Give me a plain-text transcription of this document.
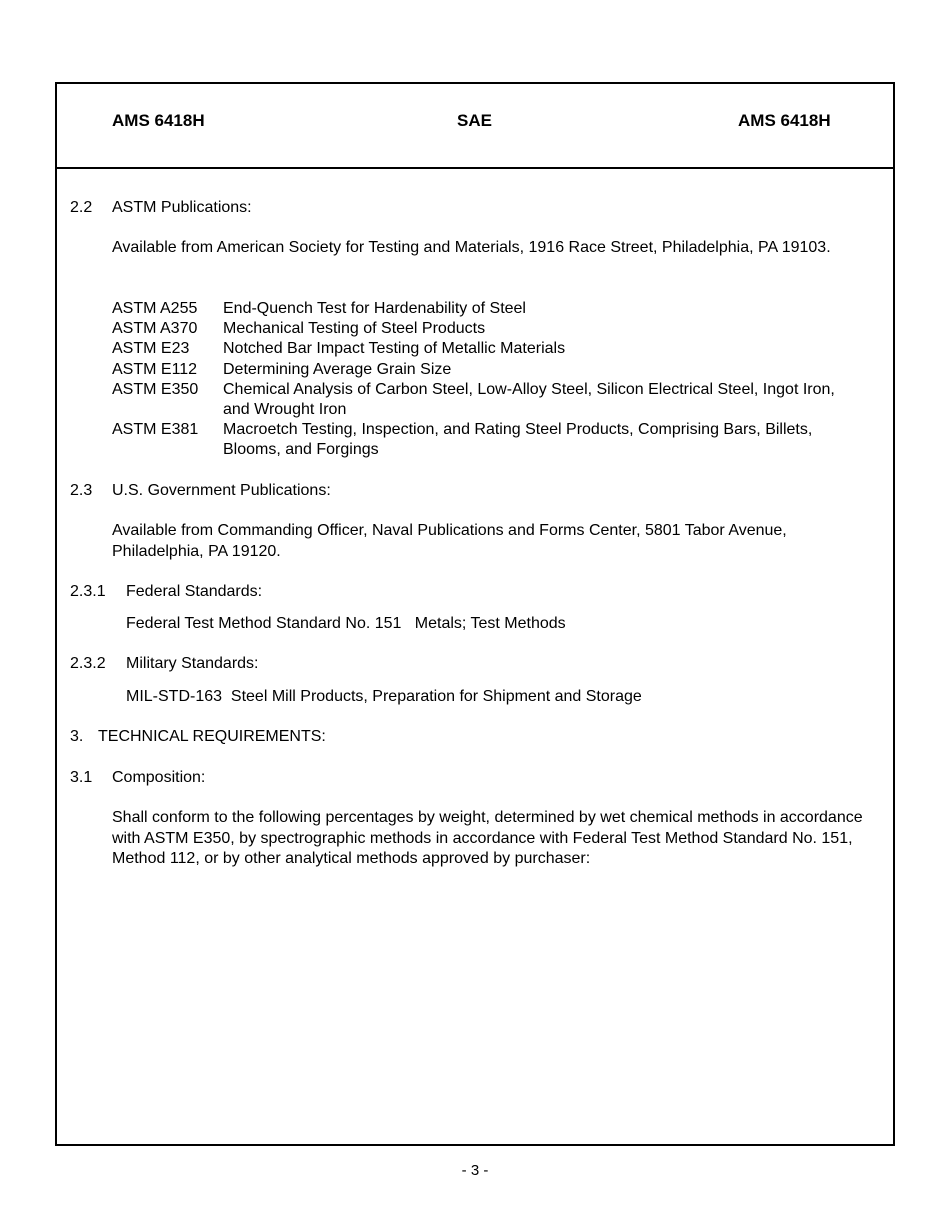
AMS 6418H	SAE	AMS 6418H
2.2 ASTM Publications:
Available from American Society for Testing and Materials, 1916 Race Street, Philadelphia, PA 19103.
ASTM A255 End-Quench Test for Hardenability of Steel
ASTM A370 Mechanical Testing of Steel Products
ASTM E23 Notched Bar Impact Testing of Metallic Materials
ASTM E112 Determining Average Grain Size
ASTM E350 Chemical Analysis of Carbon Steel, Low-Alloy Steel, Silicon Electrical Steel, Ingot Iron, and Wrought Iron
ASTM E381 Macroetch Testing, Inspection, and Rating Steel Products, Comprising Bars, Billets, Blooms, and Forgings
2.3 U.S. Government Publications:
Available from Commanding Officer, Naval Publications and Forms Center, 5801 Tabor Avenue, Philadelphia, PA 19120.
2.3.1 Federal Standards:
Federal Test Method Standard No. 151   Metals; Test Methods
2.3.2 Military Standards:
MIL-STD-163  Steel Mill Products, Preparation for Shipment and Storage
3. TECHNICAL REQUIREMENTS:
3.1 Composition:
Shall conform to the following percentages by weight, determined by wet chemical methods in accordance with ASTM E350, by spectrographic methods in accordance with Federal Test Method Standard No. 151, Method 112, or by other analytical methods approved by purchaser:
- 3 -
